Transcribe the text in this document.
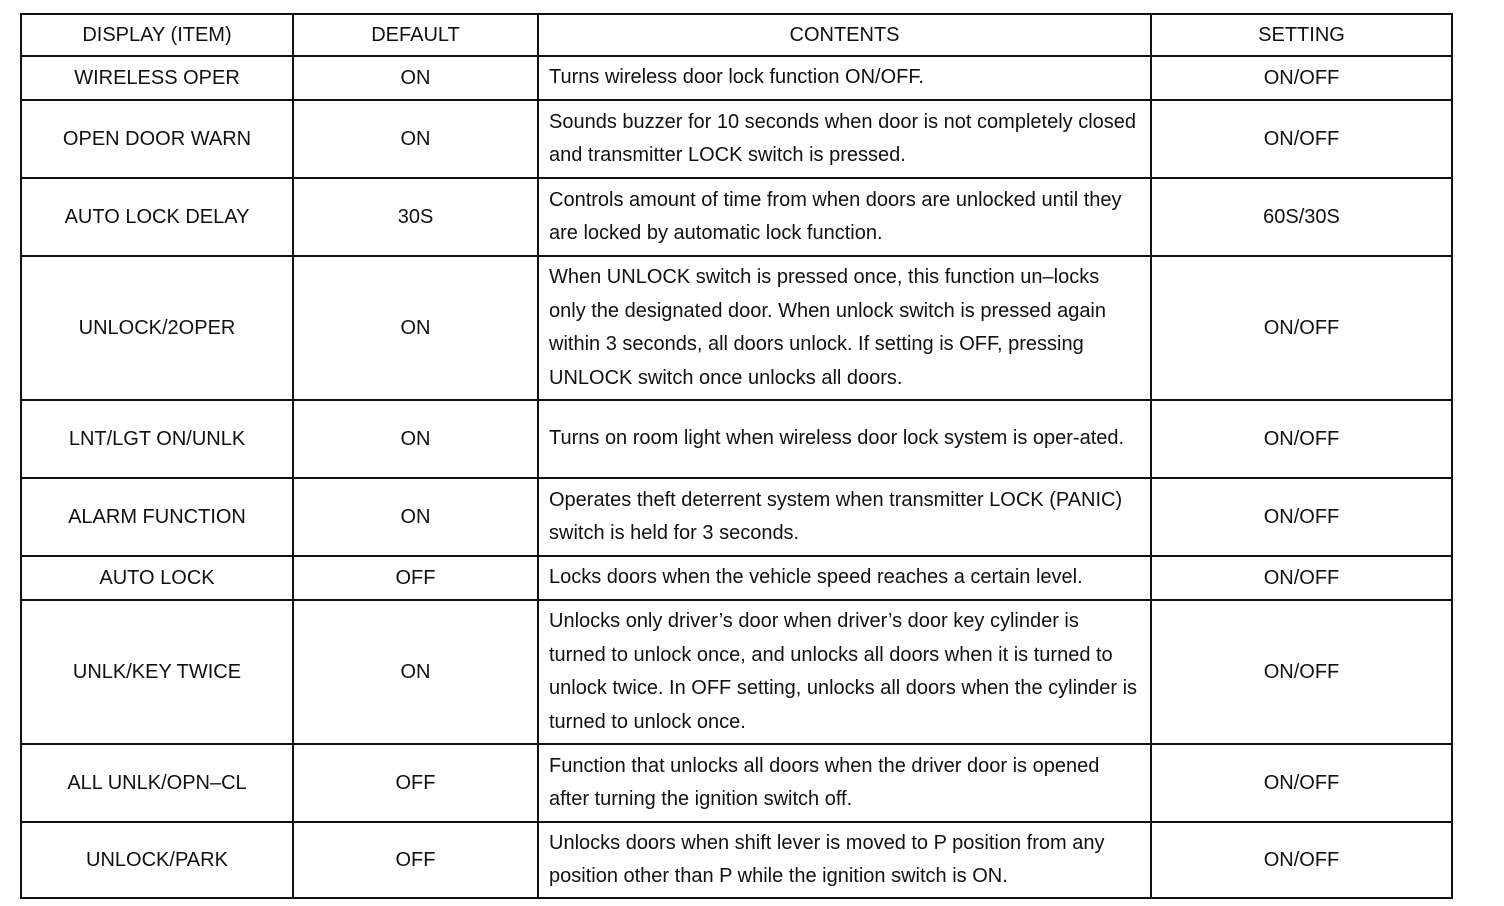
DISPLAY (ITEM)	DEFAULT	CONTENTS	SETTING
WIRELESS OPER	ON	Turns wireless door lock function ON/OFF.	ON/OFF
OPEN DOOR WARN	ON	Sounds buzzer for 10 seconds when door is not completely closed and transmitter LOCK switch is pressed.	ON/OFF
AUTO LOCK DELAY	30S	Controls amount of time from when doors are unlocked until they are locked by automatic lock function.	60S/30S
UNLOCK/2OPER	ON	When UNLOCK switch is pressed once, this function un–locks only the designated door. When unlock switch is pressed again within 3 seconds, all doors unlock. If setting is OFF, pressing UNLOCK switch once unlocks all doors.	ON/OFF
LNT/LGT ON/UNLK	ON	Turns on room light when wireless door lock system is oper-ated.	ON/OFF
ALARM FUNCTION	ON	Operates theft deterrent system when transmitter LOCK (PANIC) switch is held for 3 seconds.	ON/OFF
AUTO LOCK	OFF	Locks doors when the vehicle speed reaches a certain level.	ON/OFF
UNLK/KEY TWICE	ON	Unlocks only driver’s door when driver’s door key cylinder is turned to unlock once, and unlocks all doors when it is turned to unlock twice. In OFF setting, unlocks all doors when the cylinder is turned to unlock once.	ON/OFF
ALL UNLK/OPN–CL	OFF	Function that unlocks all doors when the driver door is opened after turning the ignition switch off.	ON/OFF
UNLOCK/PARK	OFF	Unlocks doors when shift lever is moved to P position from any position other than P while the ignition switch is ON.	ON/OFF
